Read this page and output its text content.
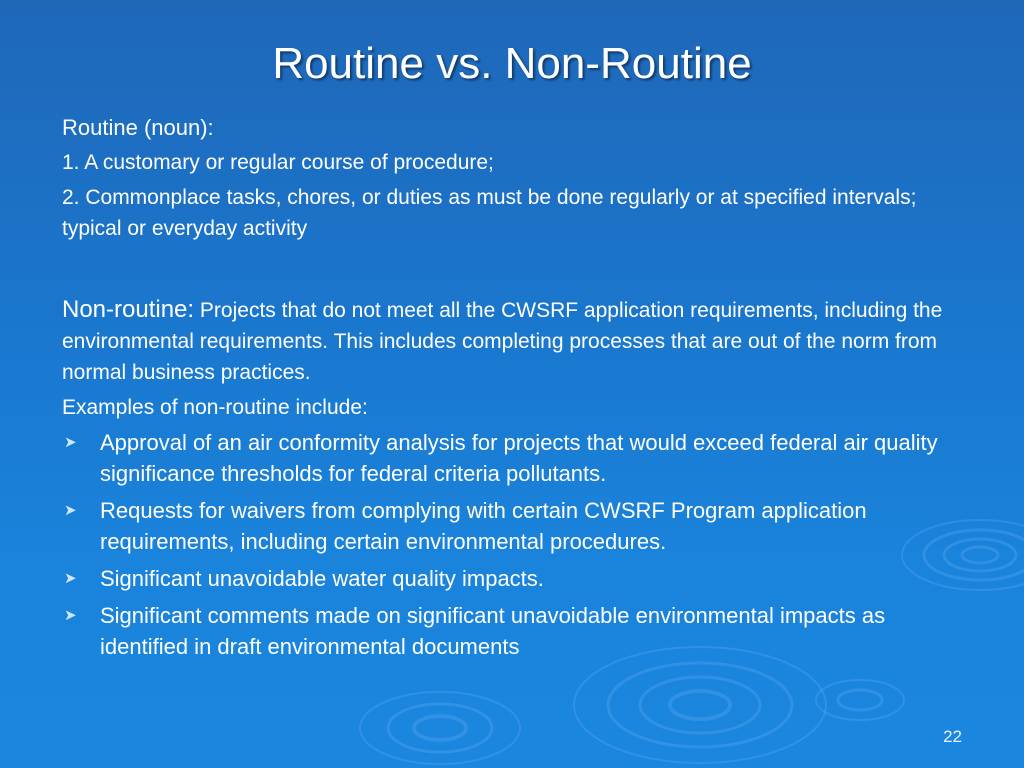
Routine vs. Non-Routine

Routine (noun):

1. A customary or regular course of procedure;

2. Commonplace tasks, chores, or duties as must be done regularly or at specified intervals; typical or everyday activity

Non-routine: Projects that do not meet all the CWSRF application requirements, including the environmental requirements. This includes completing processes that are out of the norm from normal business practices.

Examples of non-routine include:

➤ Approval of an air conformity analysis for projects that would exceed federal air quality significance thresholds for federal criteria pollutants.
➤ Requests for waivers from complying with certain CWSRF Program application requirements, including certain environmental procedures.
➤ Significant unavoidable water quality impacts.
➤ Significant comments made on significant unavoidable environmental impacts as identified in draft environmental documents
22
